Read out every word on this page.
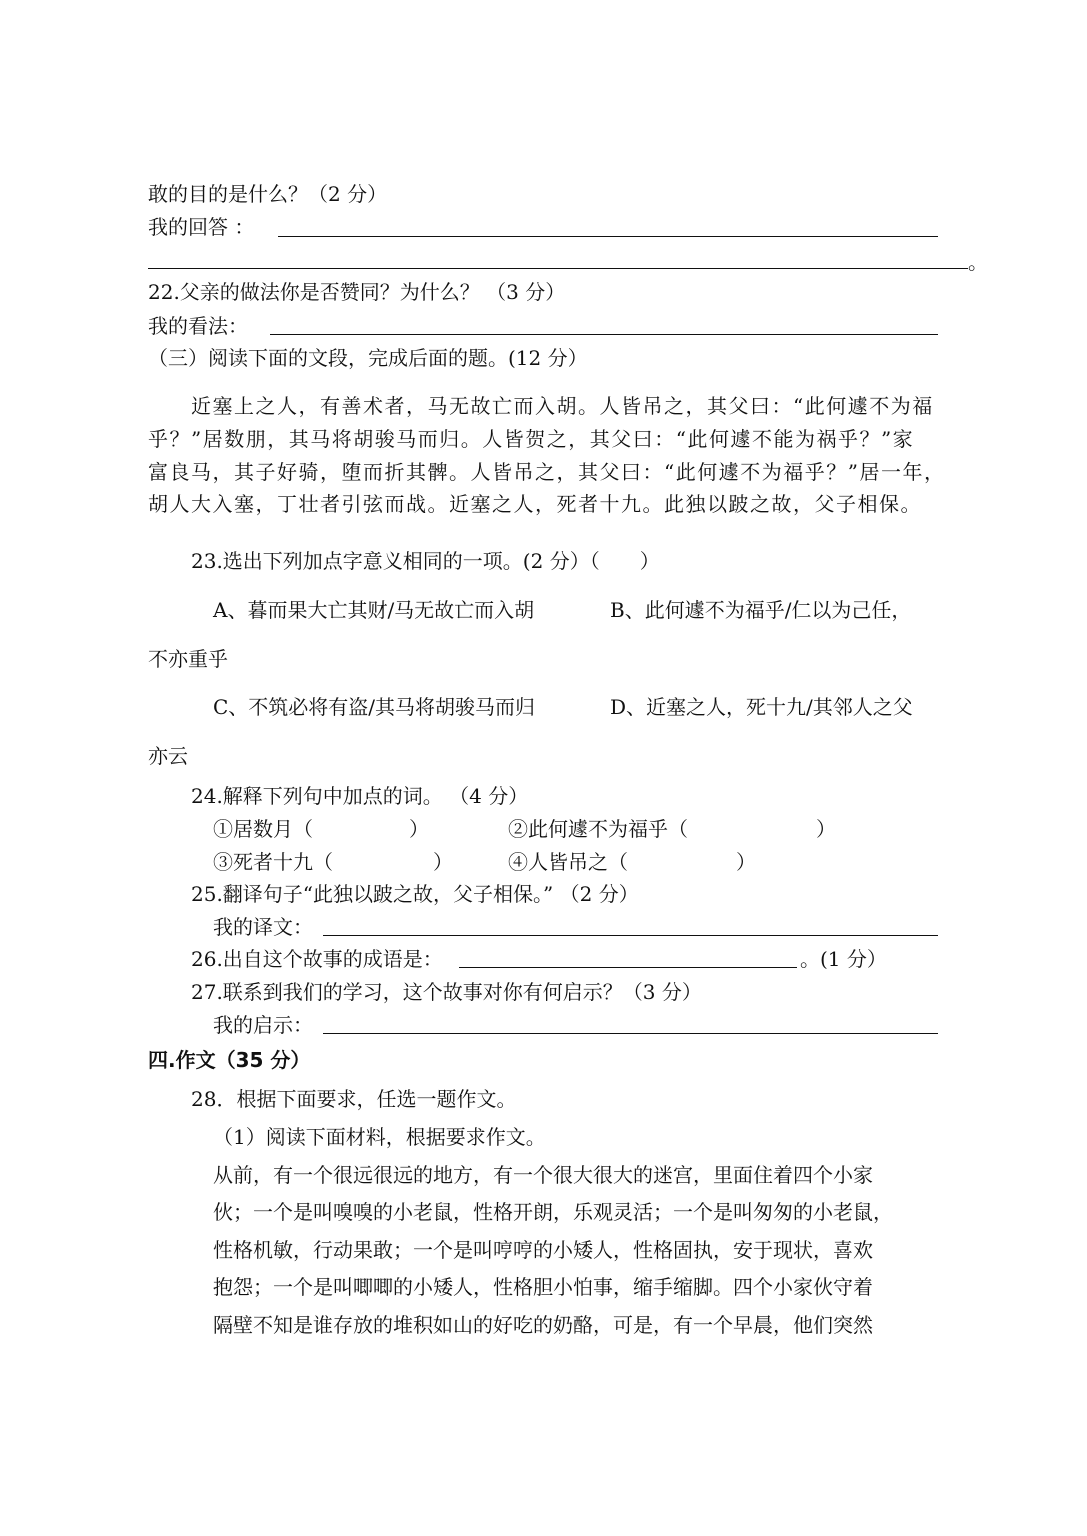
敢的目的是什么？（2 分）
我的回答 ：
。
22.父亲的做法你是否赞同？为什么？ （3 分）
我的看法：
（三）阅读下面的文段，完成后面的题。(12 分）
近塞上之人，有善术者，马无故亡而入胡。人皆吊之，其父曰：“此何遽不为福
乎？”居数朋，其马将胡骏马而归。人皆贺之，其父曰：“此何遽不能为祸乎？”家
富良马，其子好骑，堕而折其髀。人皆吊之，其父曰：“此何遽不为福乎？”居一年，
胡人大入塞，丁壮者引弦而战。近塞之人，死者十九。此独以跛之故，父子相保。
23.选出下列加点字意义相同的一项。(2 分）（　　）
A、暮而果大亡其财/马无故亡而入胡	B、此何遽不为福乎/仁以为己任，
不亦重乎
C、不筑必将有盗/其马将胡骏马而归	D、近塞之人，死十九/其邻人之父
亦云
24.解释下列句中加点的词。 （4 分）
①居数月（	）	②此何遽不为福乎（	）
③死者十九（	）	④人皆吊之（	）
25.翻译句子“此独以跛之故，父子相保。” （2 分）
我的译文：
26.出自这个故事的成语是：	。(1 分）
27.联系到我们的学习，这个故事对你有何启示？（3 分）
我的启示：
四.作文（35 分）
28．根据下面要求，任选一题作文。
（1）阅读下面材料，根据要求作文。
从前，有一个很远很远的地方，有一个很大很大的迷宫，里面住着四个小家
伙；一个是叫嗅嗅的小老鼠，性格开朗，乐观灵活；一个是叫匆匆的小老鼠，
性格机敏，行动果敢；一个是叫哼哼的小矮人，性格固执，安于现状，喜欢
抱怨；一个是叫唧唧的小矮人，性格胆小怕事，缩手缩脚。四个小家伙守着
隔壁不知是谁存放的堆积如山的好吃的奶酪，可是，有一个早晨，他们突然
